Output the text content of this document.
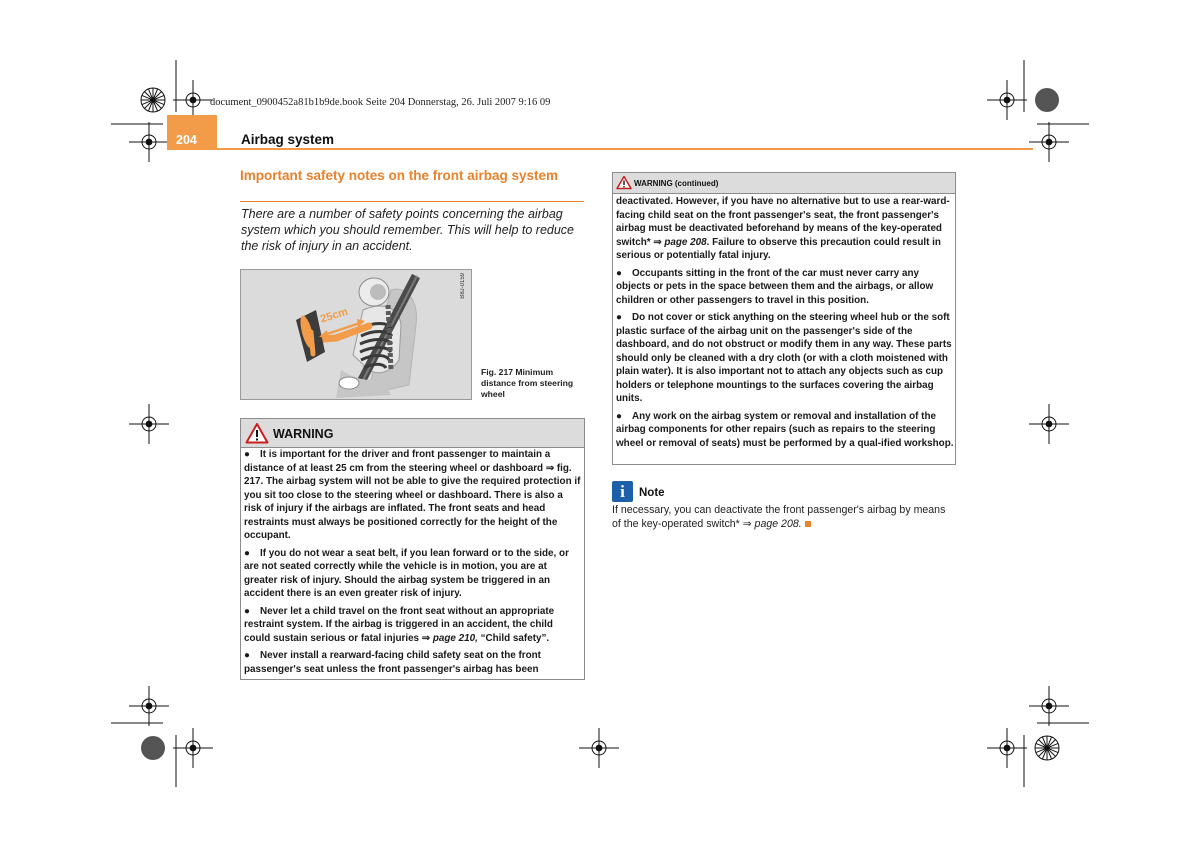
document_0900452a81b1b9de.book Seite 204 Donnerstag, 26. Juli 2007 9:16 09
204	Airbag system
Important safety notes on the front airbag system
There are a number of safety points concerning the airbag system which you should remember. This will help to reduce the risk of injury in an accident.
25cm
B8J-0159
Fig. 217 Minimum distance from steering wheel
WARNING

● It is important for the driver and front passenger to maintain a distance of at least 25 cm from the steering wheel or dashboard ⇒ fig. 217. The airbag system will not be able to give the required protection if you sit too close to the steering wheel or dashboard. There is also a risk of injury if the airbags are inflated. The front seats and head restraints must always be positioned correctly for the height of the occupant.

● If you do not wear a seat belt, if you lean forward or to the side, or are not seated correctly while the vehicle is in motion, you are at greater risk of injury. Should the airbag system be triggered in an accident there is an even greater risk of injury.

● Never let a child travel on the front seat without an appropriate restraint system. If the airbag is triggered in an accident, the child could sustain serious or fatal injuries ⇒ page 210, “Child safety”.

● Never install a rearward-facing child safety seat on the front passenger's seat unless the front passenger's airbag has been

WARNING (continued)

deactivated. However, if you have no alternative but to use a rear-ward-facing child seat on the front passenger's seat, the front passenger's airbag must be deactivated beforehand by means of the key-operated switch* ⇒ page 208. Failure to observe this precaution could result in serious or potentially fatal injury.

● Occupants sitting in the front of the car must never carry any objects or pets in the space between them and the airbags, or allow children or other passengers to travel in this position.

● Do not cover or stick anything on the steering wheel hub or the soft plastic surface of the airbag unit on the passenger's side of the dashboard, and do not obstruct or modify them in any way. These parts should only be cleaned with a dry cloth (or with a cloth moistened with plain water). It is also important not to attach any objects such as cup holders or telephone mountings to the surfaces covering the airbag units.

● Any work on the airbag system or removal and installation of the airbag components for other repairs (such as repairs to the steering wheel or removal of seats) must be performed by a qual-ified workshop.

i	Note
If necessary, you can deactivate the front passenger's airbag by means of the key-operated switch* ⇒ page 208.
